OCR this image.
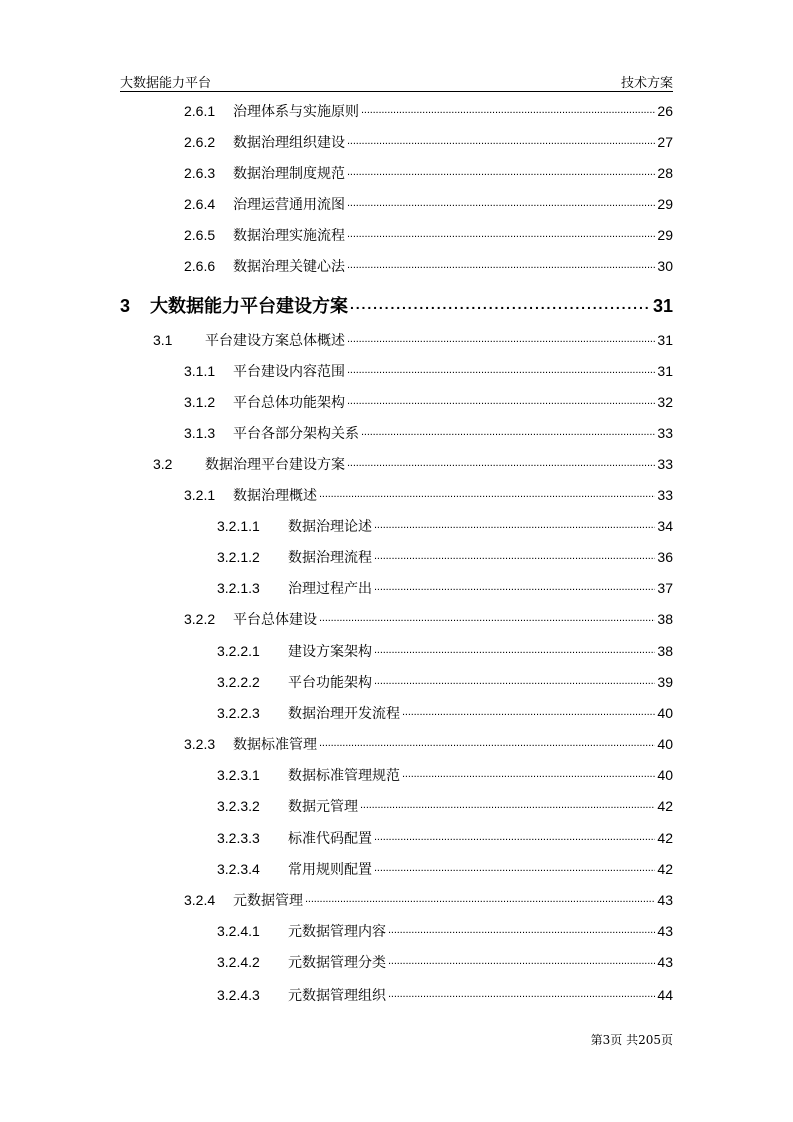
大数据能力平台	技术方案
2.6.1	治理体系与实施原则 . . .	26
2.6.2	数据治理组织建设 . . .	27
2.6.3	数据治理制度规范 . . .	28
2.6.4	治理运营通用流图 . . .	29
2.6.5	数据治理实施流程 . . .	29
2.6.6	数据治理关键心法 . . .	30
3	大数据能力平台建设方案 . . .	31
3.1	平台建设方案总体概述 . . .	31
3.1.1	平台建设内容范围 . . .	31
3.1.2	平台总体功能架构 . . .	32
3.1.3	平台各部分架构关系 . . .	33
3.2	数据治理平台建设方案 . . .	33
3.2.1	数据治理概述 . . .	33
3.2.1.1	数据治理论述 . . .	34
3.2.1.2	数据治理流程 . . .	36
3.2.1.3	治理过程产出 . . .	37
3.2.2	平台总体建设 . . .	38
3.2.2.1	建设方案架构 . . .	38
3.2.2.2	平台功能架构 . . .	39
3.2.2.3	数据治理开发流程 . . .	40
3.2.3	数据标准管理 . . .	40
3.2.3.1	数据标准管理规范 . . .	40
3.2.3.2	数据元管理 . . .	42
3.2.3.3	标准代码配置 . . .	42
3.2.3.4	常用规则配置 . . .	42
3.2.4	元数据管理 . . .	43
3.2.4.1	元数据管理内容 . . .	43
3.2.4.2	元数据管理分类 . . .	43
3.2.4.3	元数据管理组织 . . .	44
第3页 共205页
